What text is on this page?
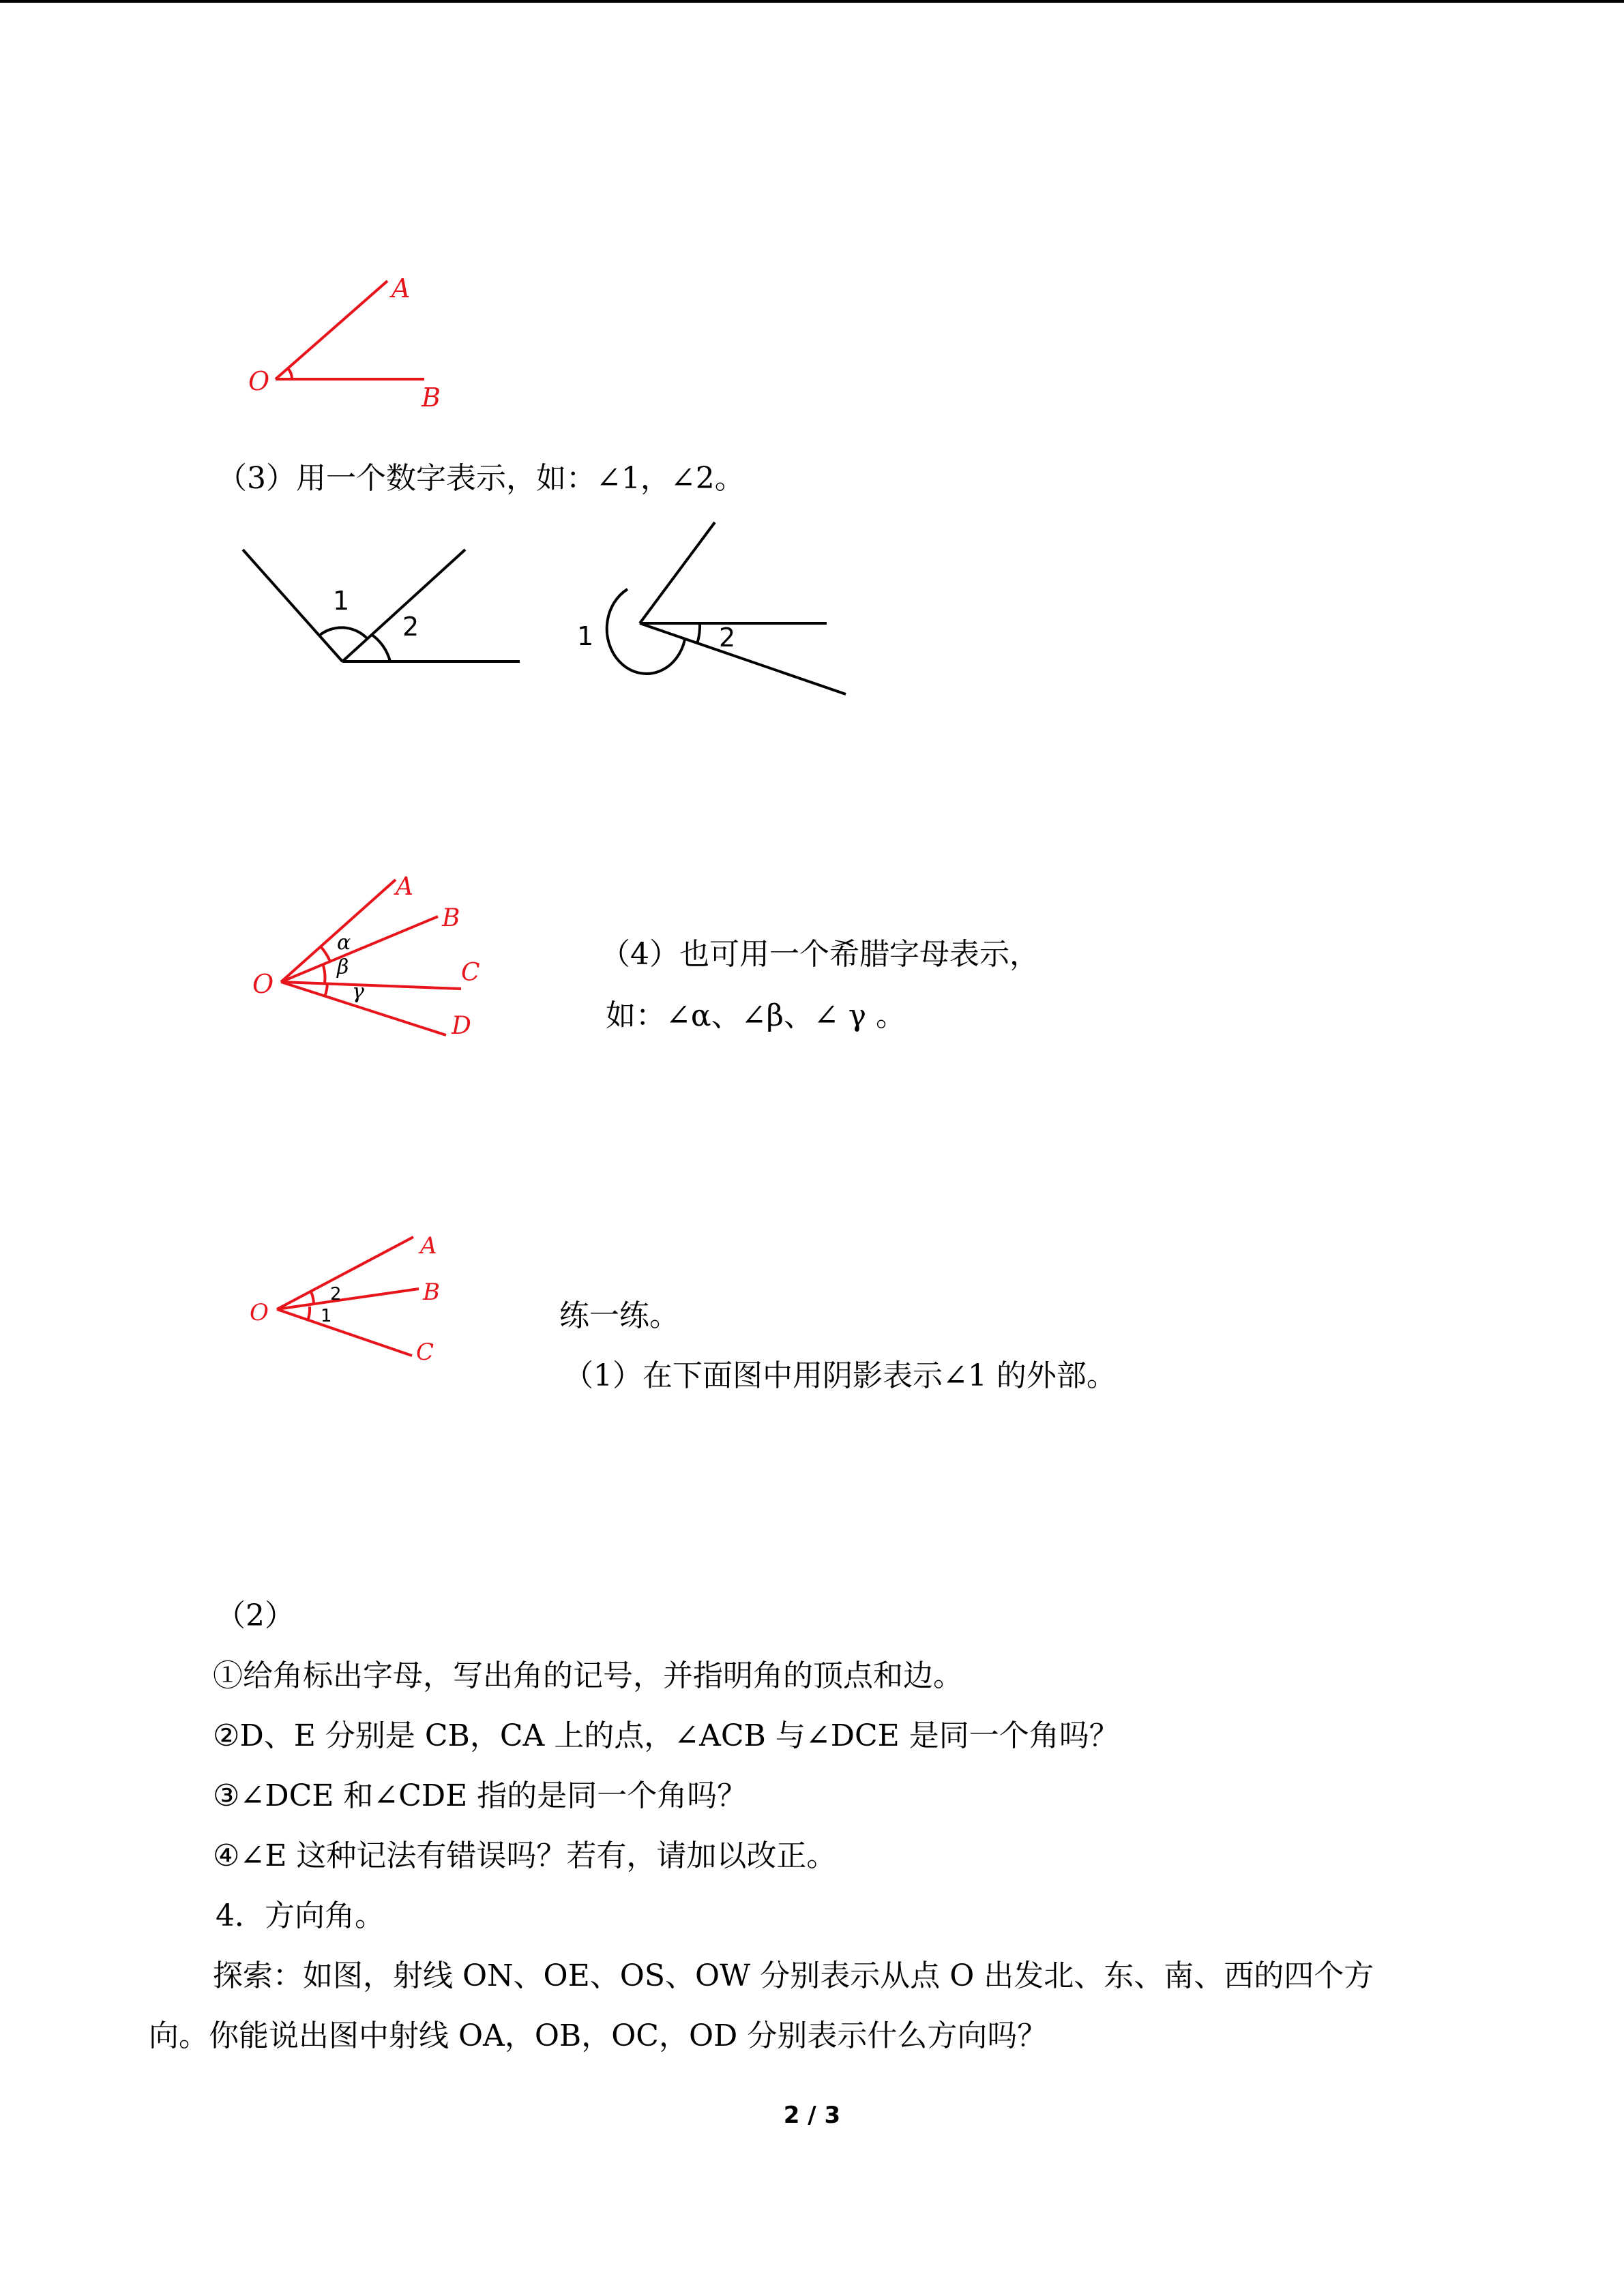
A
B
O
1
2	1	2
A
B
C
D
O
α
β
γ
A
B
C
O
2
1
（3）用一个数字表示，如：∠1，∠2。
（4）也可用一个希腊字母表示，
如：∠α、∠β、∠ γ 。
练一练。
（1）在下面图中用阴影表示∠1 的外部。
（2）
①给角标出字母，写出角的记号，并指明角的顶点和边。
②D、E 分别是 CB，CA 上的点，∠ACB 与∠DCE 是同一个角吗？
③∠DCE 和∠CDE 指的是同一个角吗？
④∠E 这种记法有错误吗？若有，请加以改正。
4．方向角。
探索：如图，射线 ON、OE、OS、OW 分别表示从点 O 出发北、东、南、西的四个方
向。你能说出图中射线 OA，OB，OC，OD 分别表示什么方向吗？
2 / 3
